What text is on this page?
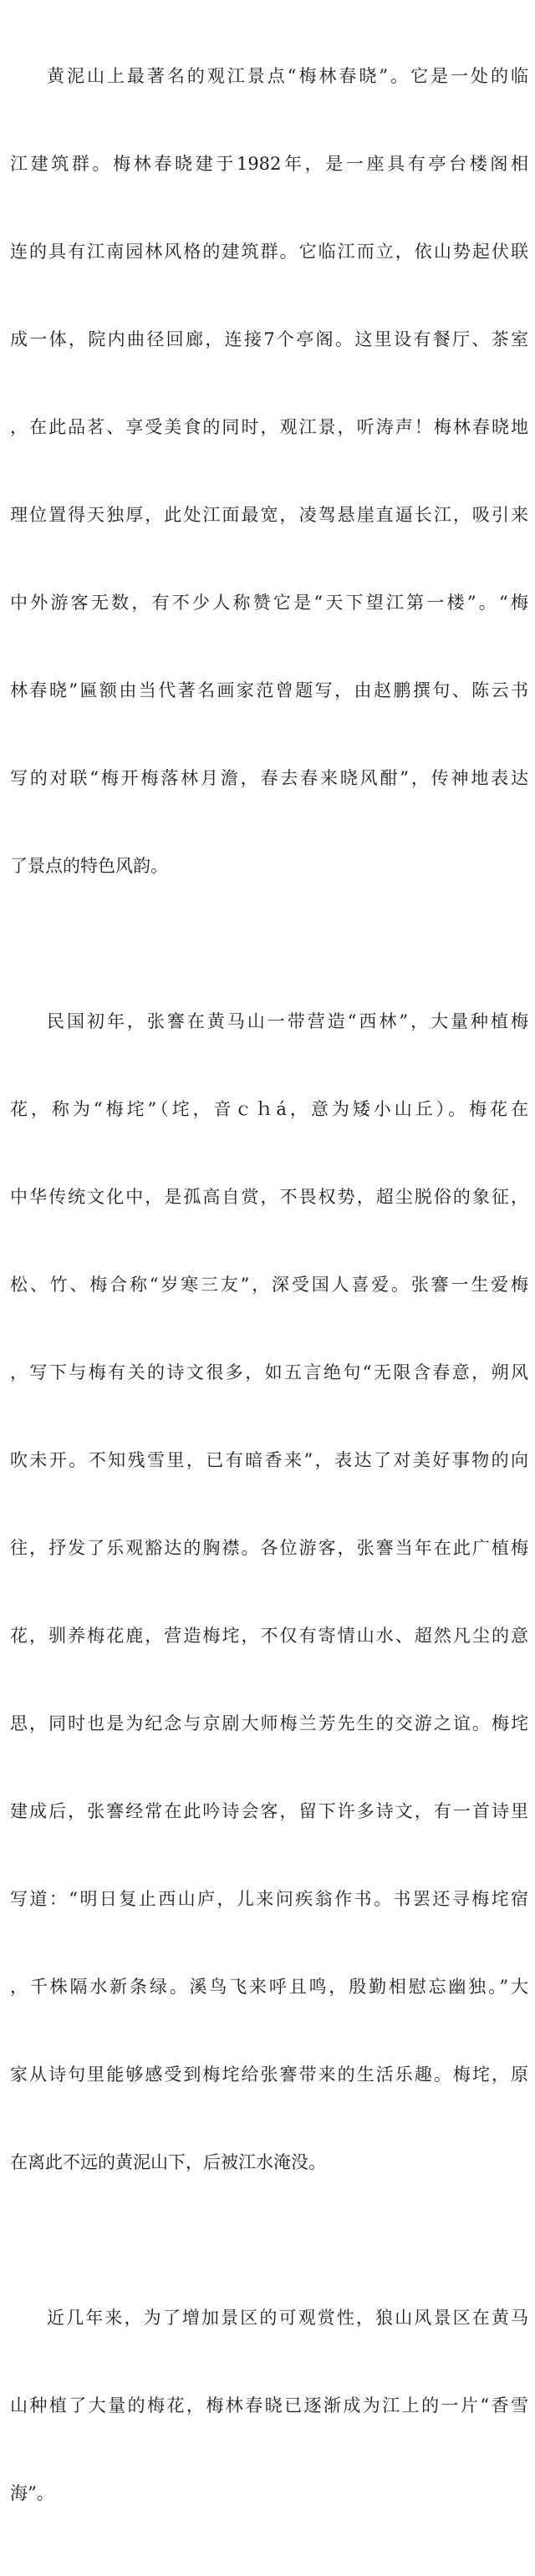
黄泥山上最著名的观江景点“梅林春晓”。它是一处的临

江建筑群。梅林春晓建于1982年，是一座具有亭台楼阁相

连的具有江南园林风格的建筑群。它临江而立，依山势起伏联

成一体，院内曲径回廊，连接7个亭阁。这里设有餐厅、茶室

，在此品茗、享受美食的同时，观江景，听涛声！梅林春晓地

理位置得天独厚，此处江面最宽，凌驾悬崖直逼长江，吸引来

中外游客无数，有不少人称赞它是“天下望江第一楼”。“梅

林春晓”匾额由当代著名画家范曾题写，由赵鹏撰句、陈云书

写的对联“梅开梅落林月澹，春去春来晓风酣”，传神地表达

了景点的特色风韵。

民国初年，张謇在黄马山一带营造“西林”，大量种植梅

花，称为“梅垞”（垞，音ｃｈá，意为矮小山丘）。梅花在

中华传统文化中，是孤高自赏，不畏权势，超尘脱俗的象征，

松、竹、梅合称“岁寒三友”，深受国人喜爱。张謇一生爱梅

，写下与梅有关的诗文很多，如五言绝句“无限含春意，朔风

吹未开。不知残雪里，已有暗香来”，表达了对美好事物的向

往，抒发了乐观豁达的胸襟。各位游客，张謇当年在此广植梅

花，驯养梅花鹿，营造梅垞，不仅有寄情山水、超然凡尘的意

思，同时也是为纪念与京剧大师梅兰芳先生的交游之谊。梅垞

建成后，张謇经常在此吟诗会客，留下许多诗文，有一首诗里

写道：“明日复止西山庐，儿来问疾翁作书。书罢还寻梅垞宿

，千株隔水新条绿。溪鸟飞来呼且鸣，殷勤相慰忘幽独。”大

家从诗句里能够感受到梅垞给张謇带来的生活乐趣。梅垞，原

在离此不远的黄泥山下，后被江水淹没。

近几年来，为了增加景区的可观赏性，狼山风景区在黄马

山种植了大量的梅花，梅林春晓已逐渐成为江上的一片“香雪

海”。
